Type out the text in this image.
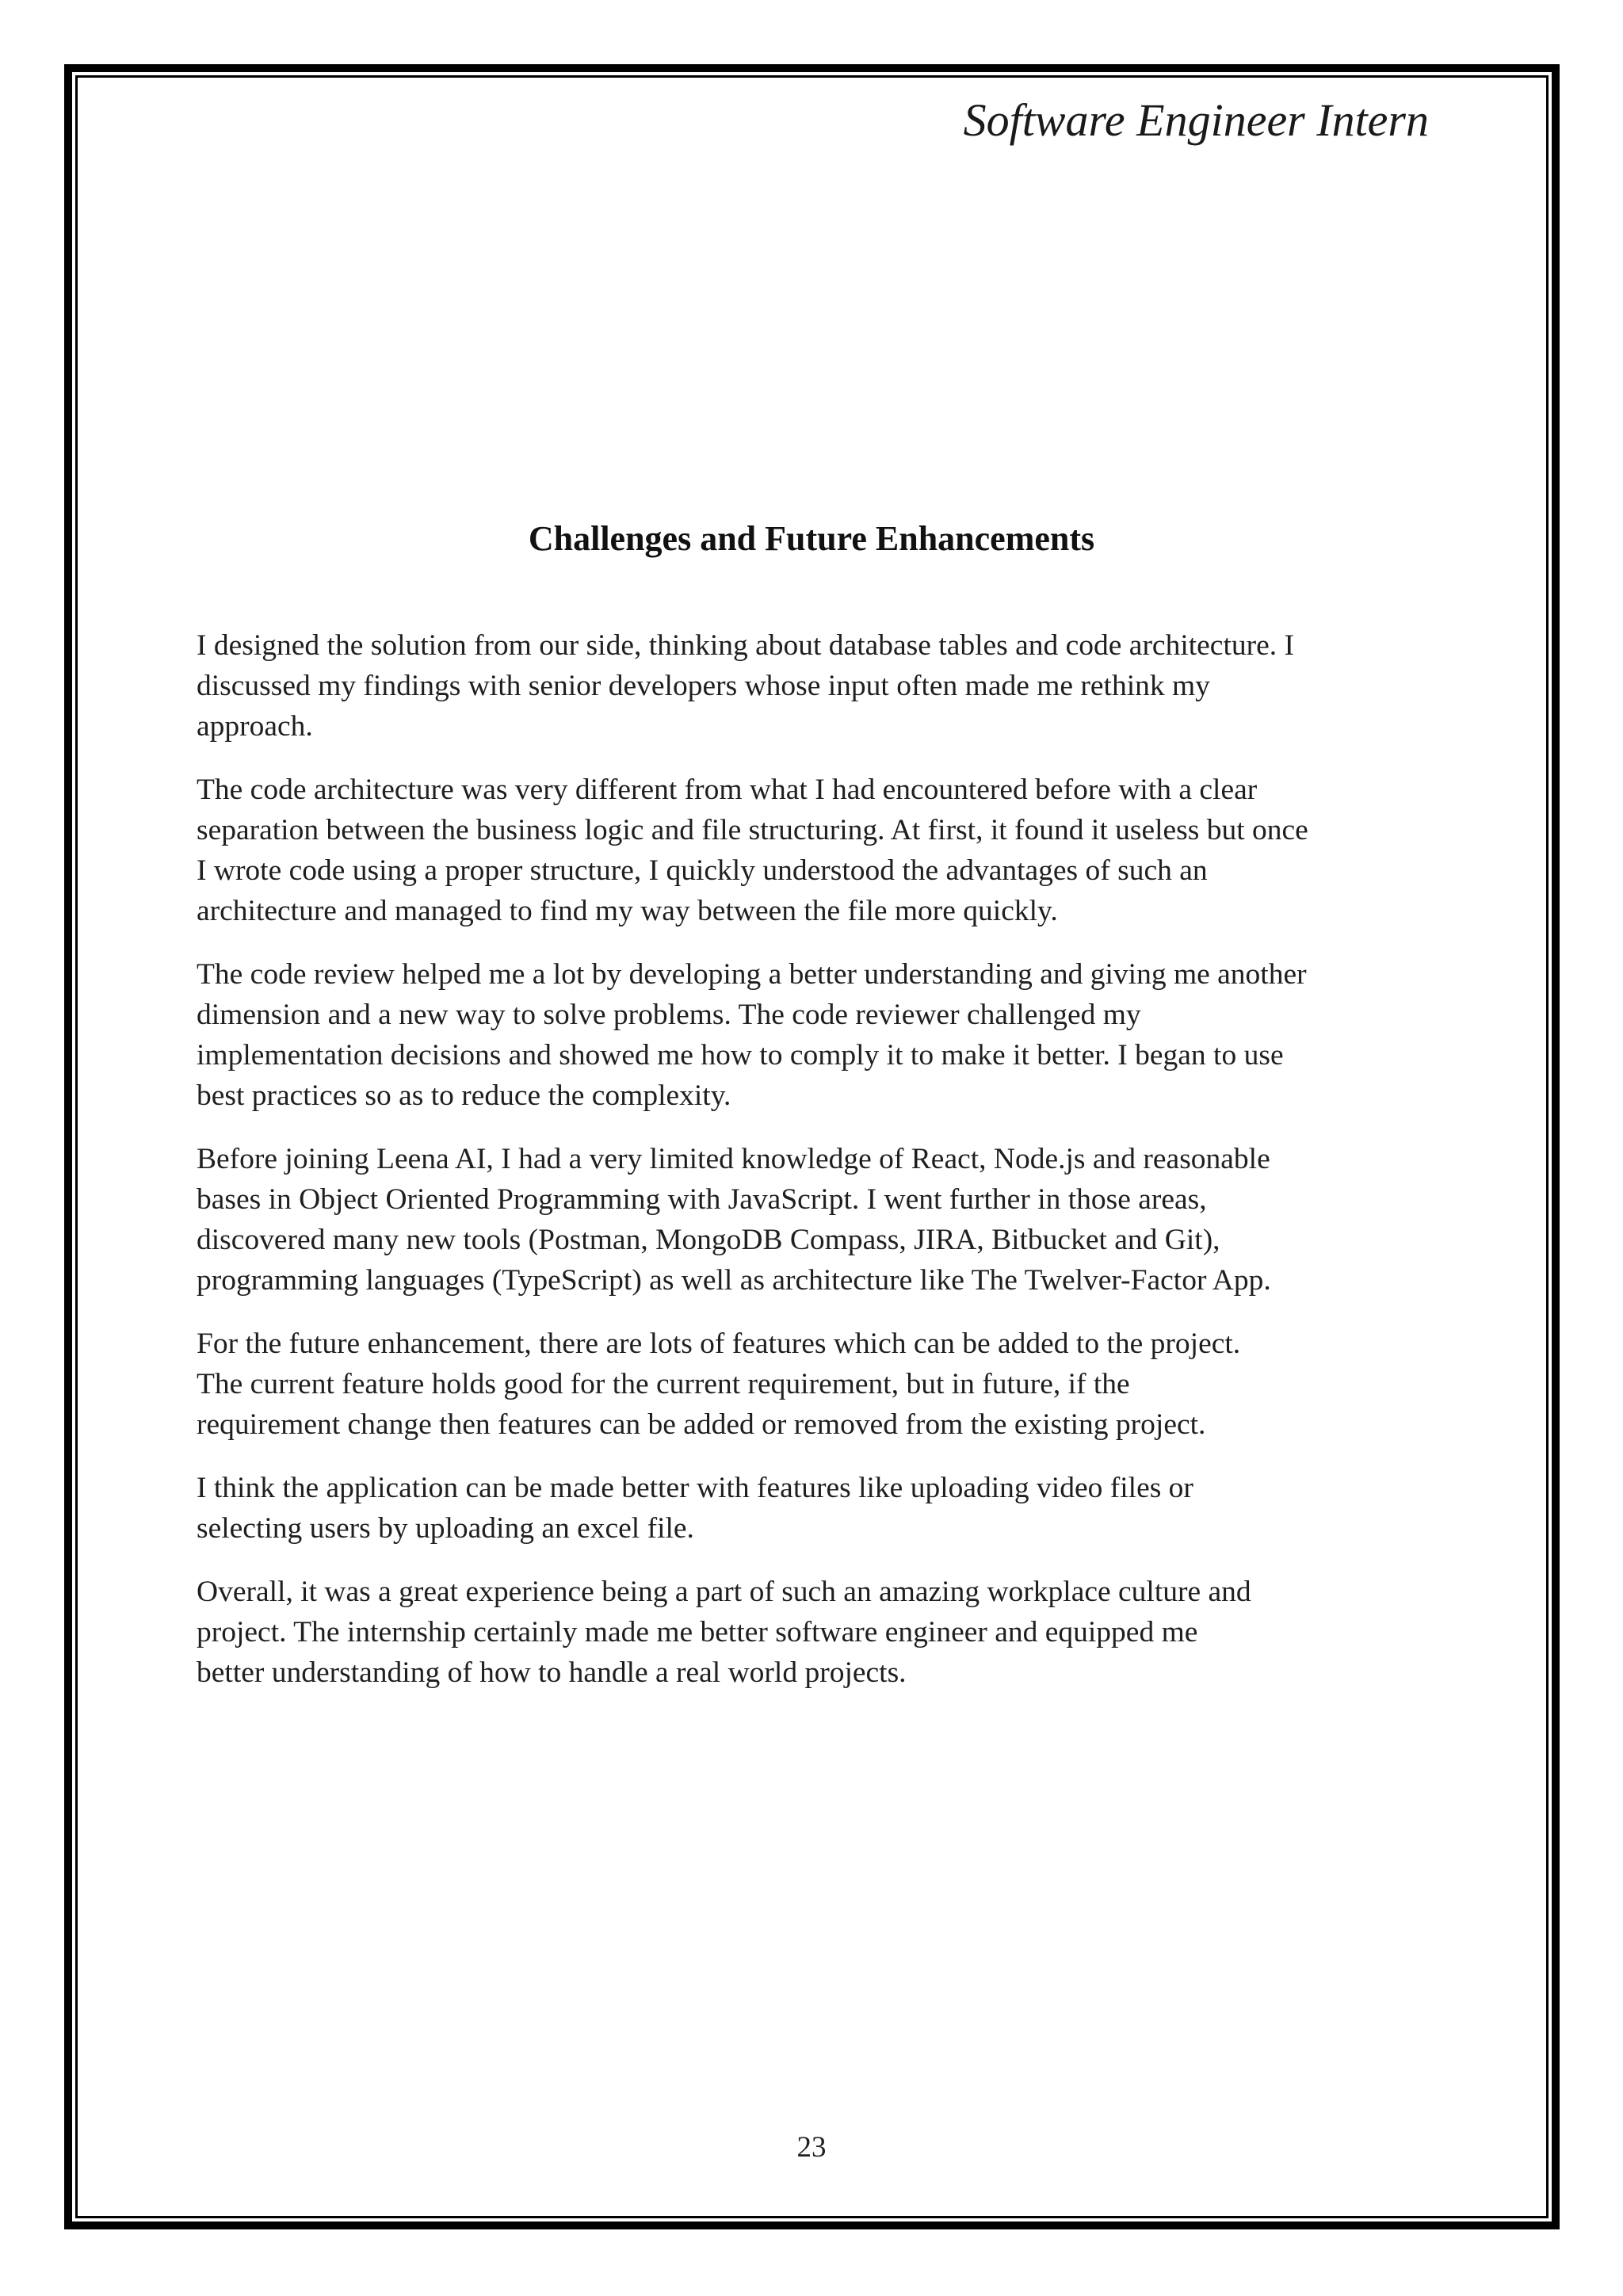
Software Engineer Intern
Challenges and Future Enhancements

I designed the solution from our side, thinking about database tables and code architecture. I
discussed my findings with senior developers whose input often made me rethink my
approach.

The code architecture was very different from what I had encountered before with a clear
separation between the business logic and file structuring. At first, it found it useless but once
I wrote code using a proper structure, I quickly understood the advantages of such an
architecture and managed to find my way between the file more quickly.

The code review helped me a lot by developing a better understanding and giving me another
dimension and a new way to solve problems. The code reviewer challenged my
implementation decisions and showed me how to comply it to make it better. I began to use
best practices so as to reduce the complexity.

Before joining Leena AI, I had a very limited knowledge of React, Node.js and reasonable
bases in Object Oriented Programming with JavaScript. I went further in those areas,
discovered many new tools (Postman, MongoDB Compass, JIRA, Bitbucket and Git),
programming languages (TypeScript) as well as architecture like The Twelver-Factor App.

For the future enhancement, there are lots of features which can be added to the project.
The current feature holds good for the current requirement, but in future, if the
requirement change then features can be added or removed from the existing project.

I think the application can be made better with features like uploading video files or
selecting users by uploading an excel file.

Overall, it was a great experience being a part of such an amazing workplace culture and
project. The internship certainly made me better software engineer and equipped me
better understanding of how to handle a real world projects.

23
